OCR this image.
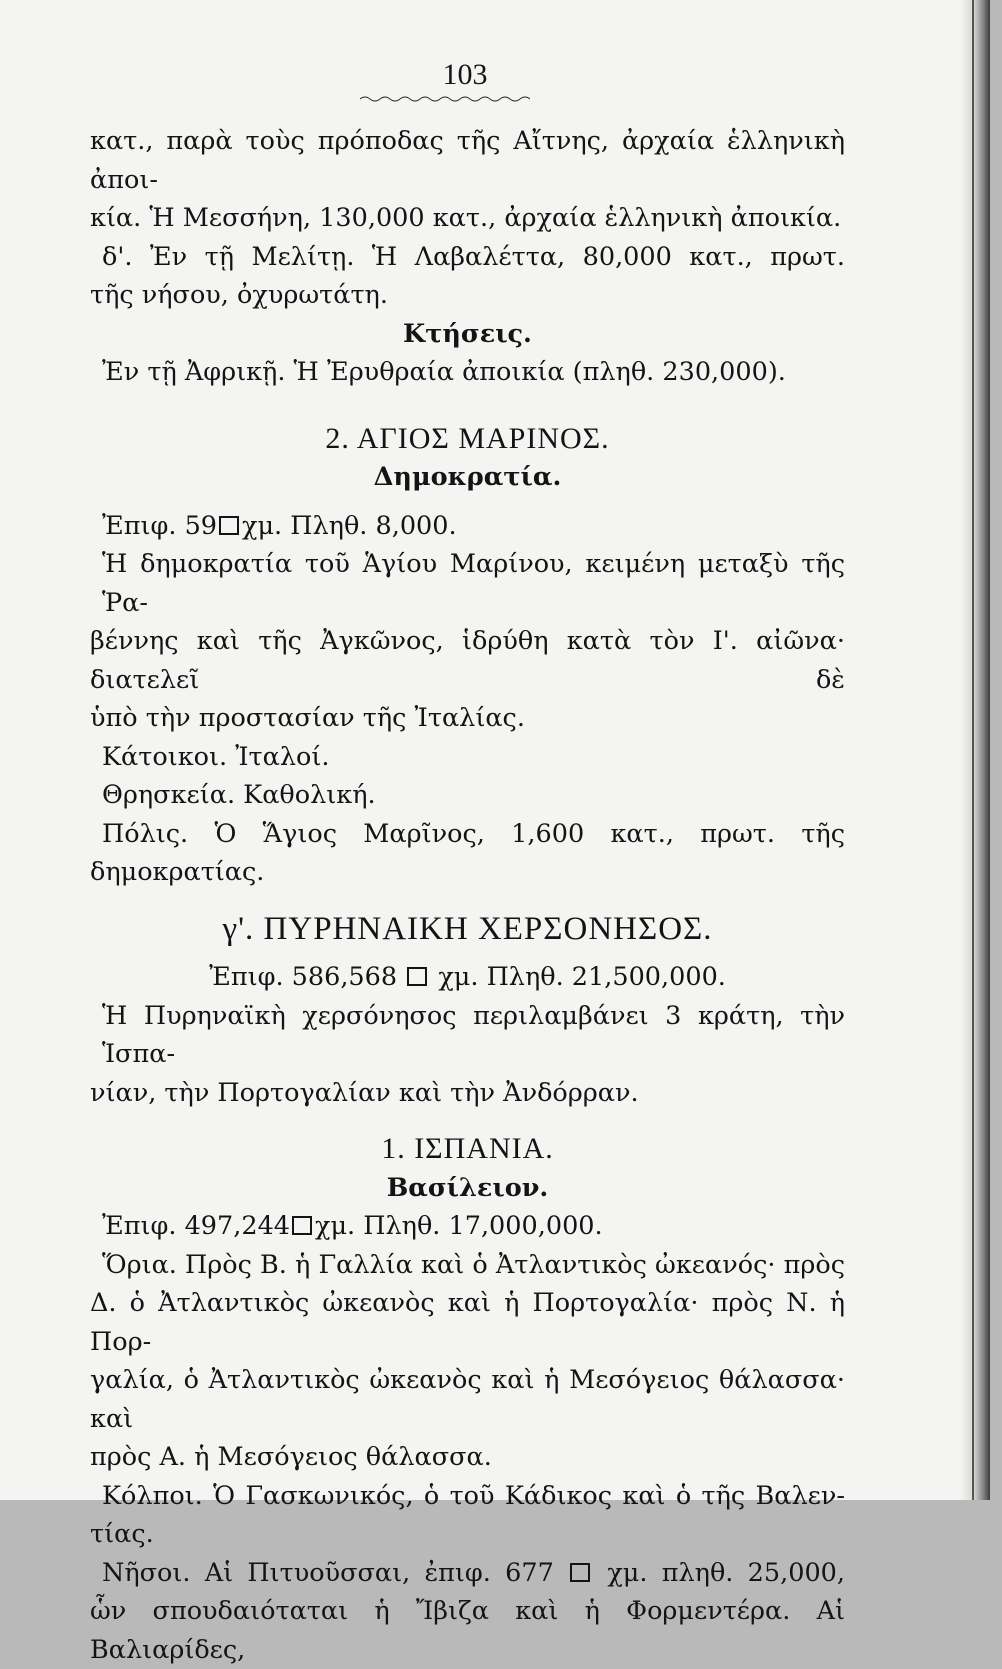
103

κατ., παρὰ τοὺς πρόποδας τῆς Αἴτνης, ἀρχαία ἑλληνικὴ ἀποι-

κία. Ἡ Μεσσήνη, 130,000 κατ., ἀρχαία ἑλληνικὴ ἀποικία.

δ'. Ἐν τῇ Μελίτῃ. Ἡ Λαβαλέττα, 80,000 κατ., πρωτ.

τῆς νήσου, ὀχυρωτάτη.

Κτήσεις.

Ἐν τῇ Ἀφρικῇ. Ἡ Ἐρυθραία ἀποικία (πληθ. 230,000).

2. ΑΓΙΟΣ ΜΑΡΙΝΟΣ.

Δημοκρατία.

Ἐπιφ. 59 χμ. Πληθ. 8,000.

Ἡ δημοκρατία τοῦ Ἁγίου Μαρίνου, κειμένη μεταξὺ τῆς Ῥα-

βέννης καὶ τῆς Ἀγκῶνος, ἱδρύθη κατὰ τὸν Ι'. αἰῶνα· διατελεῖ δὲ

ὑπὸ τὴν προστασίαν τῆς Ἰταλίας.

Κάτοικοι. Ἰταλοί.

Θρησκεία. Καθολική.

Πόλις. Ὁ Ἅγιος Μαρῖνος, 1,600 κατ., πρωτ. τῆς

δημοκρατίας.

γ'. ΠΥΡΗΝΑΙΚΗ ΧΕΡΣΟΝΗΣΟΣ.

Ἐπιφ. 586,568 χμ. Πληθ. 21,500,000.

Ἡ Πυρηναϊκὴ χερσόνησος περιλαμβάνει 3 κράτη, τὴν Ἱσπα-

νίαν, τὴν Πορτογαλίαν καὶ τὴν Ἀνδόρραν.

1. ΙΣΠΑΝΙΑ.

Βασίλειον.

Ἐπιφ. 497,244 χμ. Πληθ. 17,000,000.

Ὅρια. Πρὸς Β. ἡ Γαλλία καὶ ὁ Ἀτλαντικὸς ὠκεανός· πρὸς

Δ. ὁ Ἀτλαντικὸς ὠκεανὸς καὶ ἡ Πορτογαλία· πρὸς Ν. ἡ Πορ-

γαλία, ὁ Ἀτλαντικὸς ὠκεανὸς καὶ ἡ Μεσόγειος θάλασσα· καὶ

πρὸς Α. ἡ Μεσόγειος θάλασσα.

Κόλποι. Ὁ Γασκωνικός, ὁ τοῦ Κάδικος καὶ ὁ τῆς Βαλεν-

τίας.

Νῆσοι. Αἱ Πιτυοῦσσαι, ἐπιφ. 677 χμ. πληθ. 25,000,

ὧν σπουδαιόταται ἡ Ἴβιζα καὶ ἡ Φορμεντέρα. Αἱ Βαλιαρίδες,
